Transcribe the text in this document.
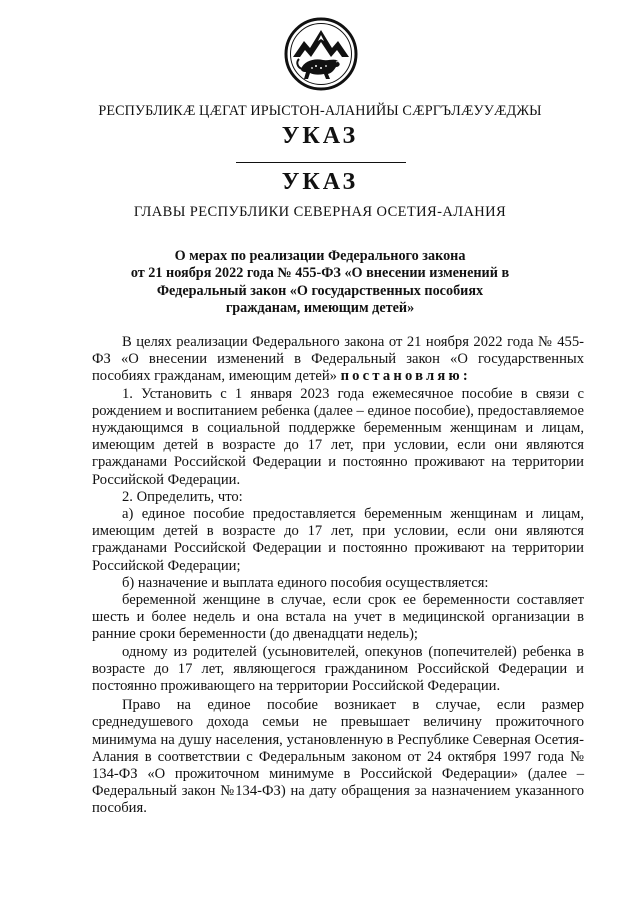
РЕСПУБЛИКӔ ЦӔГАТ ИРЫСТОН-АЛАНИЙЫ СӔРГЪЛӔУУӔДЖЫ
УКАЗ
УКАЗ
ГЛАВЫ РЕСПУБЛИКИ СЕВЕРНАЯ ОСЕТИЯ-АЛАНИЯ
О мерах по реализации Федерального закона
от 21 ноября 2022 года № 455-ФЗ «О внесении изменений в
Федеральный закон «О государственных пособиях
гражданам, имеющим детей»

В целях реализации Федерального закона от 21 ноября 2022 года № 455-ФЗ «О внесении изменений в Федеральный закон «О государственных пособиях гражданам, имеющим детей» постановляю:

1. Установить с 1 января 2023 года ежемесячное пособие в связи с рождением и воспитанием ребенка (далее – единое пособие), предоставляемое нуждающимся в социальной поддержке беременным женщинам и лицам, имеющим детей в возрасте до 17 лет, при условии, если они являются гражданами Российской Федерации и постоянно проживают на территории Российской Федерации.

2. Определить, что:

а) единое пособие предоставляется беременным женщинам и лицам, имеющим детей в возрасте до 17 лет, при условии, если они являются гражданами Российской Федерации и постоянно проживают на территории Российской Федерации;

б) назначение и выплата единого пособия осуществляется:

беременной женщине в случае, если срок ее беременности составляет шесть и более недель и она встала на учет в медицинской организации в ранние сроки беременности (до двенадцати недель);

одному из родителей (усыновителей, опекунов (попечителей) ребенка в возрасте до 17 лет, являющегося гражданином Российской Федерации и постоянно проживающего на территории Российской Федерации.

Право на единое пособие возникает в случае, если размер среднедушевого дохода семьи не превышает величину прожиточного минимума на душу населения, установленную в Республике Северная Осетия-Алания в соответствии с Федеральным законом от 24 октября 1997 года № 134-ФЗ «О прожиточном минимуме в Российской Федерации» (далее – Федеральный закон №134-ФЗ) на дату обращения за назначением указанного пособия.
